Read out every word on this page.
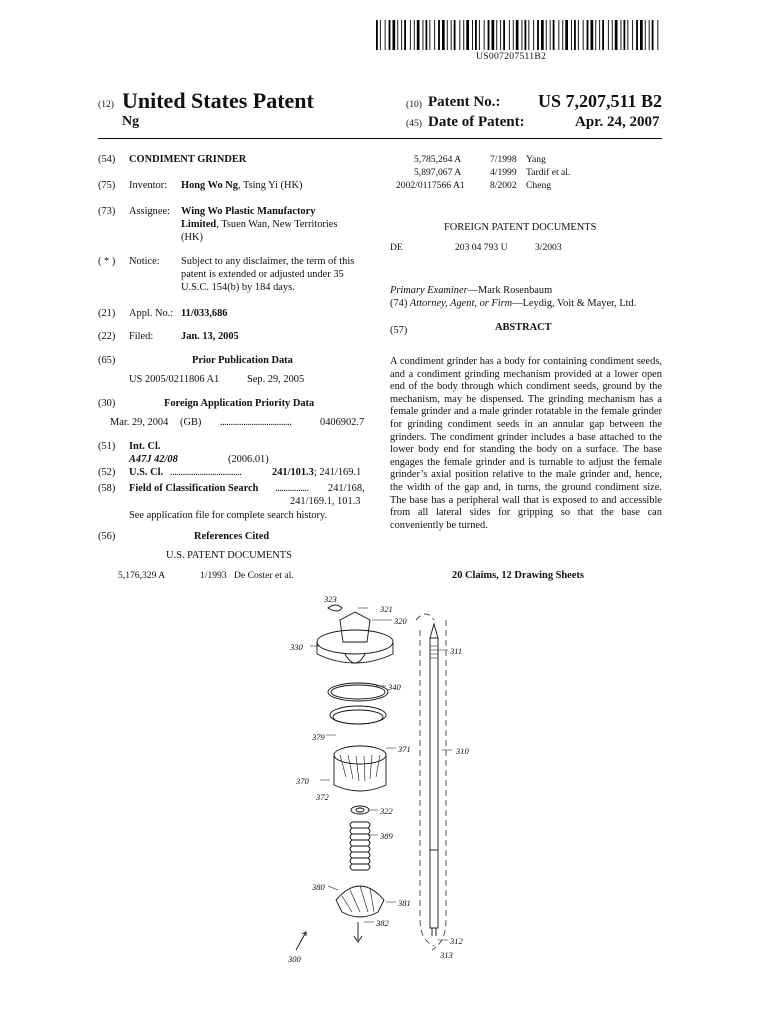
US007207511B2
(12) United States Patent
Ng
(10) Patent No.: US 7,207,511 B2
(45) Date of Patent:	Apr. 24, 2007
(54) CONDIMENT GRINDER
(75) Inventor: Hong Wo Ng, Tsing Yi (HK)
(73) Assignee: Wing Wo Plastic Manufactory
Limited, Tsuen Wan, New Territories
(HK)
( * ) Notice: Subject to any disclaimer, the term of this
patent is extended or adjusted under 35
U.S.C. 154(b) by 184 days.
(21) Appl. No.: 11/033,686
(22) Filed:	Jan. 13, 2005
(65)	Prior Publication Data
US 2005/0211806 A1	Sep. 29, 2005
(30)	Foreign Application Priority Data
Mar. 29, 2004 (GB) ..................................	0406902.7
(51) Int. Cl.
A47J 42/08	(2006.01)
(52) U.S. Cl. ..................................	241/101.3; 241/169.1
(58) Field of Classification Search ................ 241/168,
241/169.1, 101.3
See application file for complete search history.
(56)	References Cited
U.S. PATENT DOCUMENTS
5,176,329 A	1/1993 De Coster et al.
5,785,264 A	7/1998 Yang
5,897,067 A	4/1999 Tardif et al.
2002/0117566 A1	8/2002 Cheng
FOREIGN PATENT DOCUMENTS
DE	203 04 793 U	3/2003
Primary Examiner—Mark Rosenbaum
(74) Attorney, Agent, or Firm—Leydig, Voit & Mayer, Ltd.
(57)	ABSTRACT
A condiment grinder has a body for containing condiment seeds, and a condiment grinding mechanism provided at a lower open end of the body through which condiment seeds, ground by the mechanism, may be dispensed. The grinding mechanism has a female grinder and a male grinder rotatable in the female grinder for grinding condiment seeds in an annular gap between the grinders. The condiment grinder includes a base attached to the lower body end for standing the body on a surface. The base engages the female grinder and is turnable to adjust the female grinder’s axial position relative to the male grinder and, hence, the width of the gap and, in turns, the ground condiment size. The base has a peripheral wall that is exposed to and accessible from all lateral sides for gripping so that the base can conveniently be turned.
20 Claims, 12 Drawing Sheets
323
321
320
330	311
340
379
371	310
370
372
322
389
380
381
382
312
313
300
